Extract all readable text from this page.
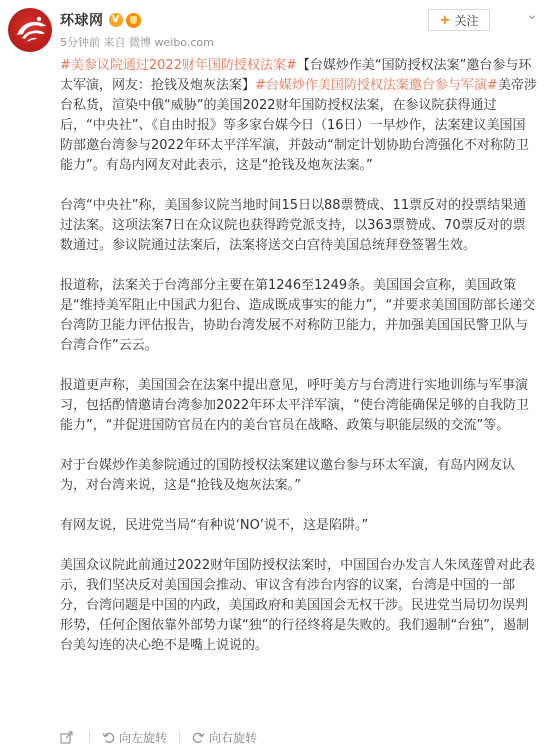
环球网 V
5分钟前 来自 微博 weibo.com
+ 关注	⌄

#美参议院通过2022财年国防授权法案#【台媒炒作美“国防授权法案”邀台参与环太军演，网友：抢钱及炮灰法案】#台媒炒作美国防授权法案邀台参与军演#美帝涉台私货，渲染中俄“威胁”的美国2022财年国防授权法案，在参议院获得通过后，“中央社”、《自由时报》等多家台媒今日（16日）一早炒作，法案建议美国国防部邀台湾参与2022年环太平洋军演，并鼓动“制定计划协助台湾强化不对称防卫能力”。有岛内网友对此表示，这是“抢钱及炮灰法案。”

台湾“中央社”称，美国参议院当地时间15日以88票赞成、11票反对的投票结果通过法案。这项法案7日在众议院也获得跨党派支持，以363票赞成、70票反对的票数通过。参议院通过法案后，法案将送交白宫待美国总统拜登签署生效。

报道称，法案关于台湾部分主要在第1246至1249条。美国国会宣称，美国政策是“维持美军阻止中国武力犯台、造成既成事实的能力”，“并要求美国国防部长递交台湾防卫能力评估报告，协助台湾发展不对称防卫能力，并加强美国国民警卫队与台湾合作”云云。

报道更声称，美国国会在法案中提出意见，呼吁美方与台湾进行实地训练与军事演习，包括酌情邀请台湾参加2022年环太平洋军演，“使台湾能确保足够的自我防卫能力”，“并促进国防官员在内的美台官员在战略、政策与职能层级的交流”等。

对于台媒炒作美参院通过的国防授权法案建议邀台参与环太军演，有岛内网友认为，对台湾来说，这是“抢钱及炮灰法案。”

有网友说，民进党当局“有种说‘NO’说不，这是陷阱。”

美国众议院此前通过2022财年国防授权法案时，中国国台办发言人朱凤莲曾对此表示，我们坚决反对美国国会推动、审议含有涉台内容的议案，台湾是中国的一部分，台湾问题是中国的内政，美国政府和美国国会无权干涉。民进党当局切勿误判形势，任何企图依靠外部势力谋“独”的行径终将是失败的。我们遏制“台独”，遏制台美勾连的决心绝不是嘴上说说的。

向左旋转	向右旋转
